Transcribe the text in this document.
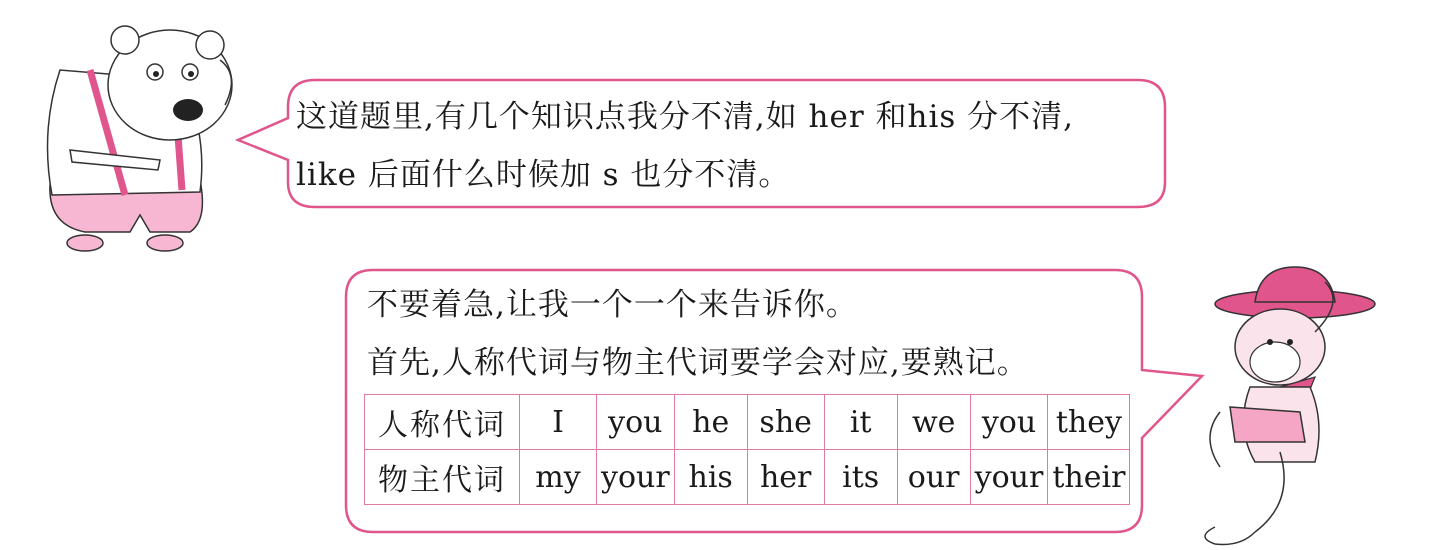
这道题里,有几个知识点我分不清,如 her 和his 分不清,
like 后面什么时候加 s 也分不清。
不要着急,让我一个一个来告诉你。
首先,人称代词与物主代词要学会对应,要熟记。
人称代词	I	you	he	she	it	we	you	they
物主代词	my	your	his	her	its	our	your	their
